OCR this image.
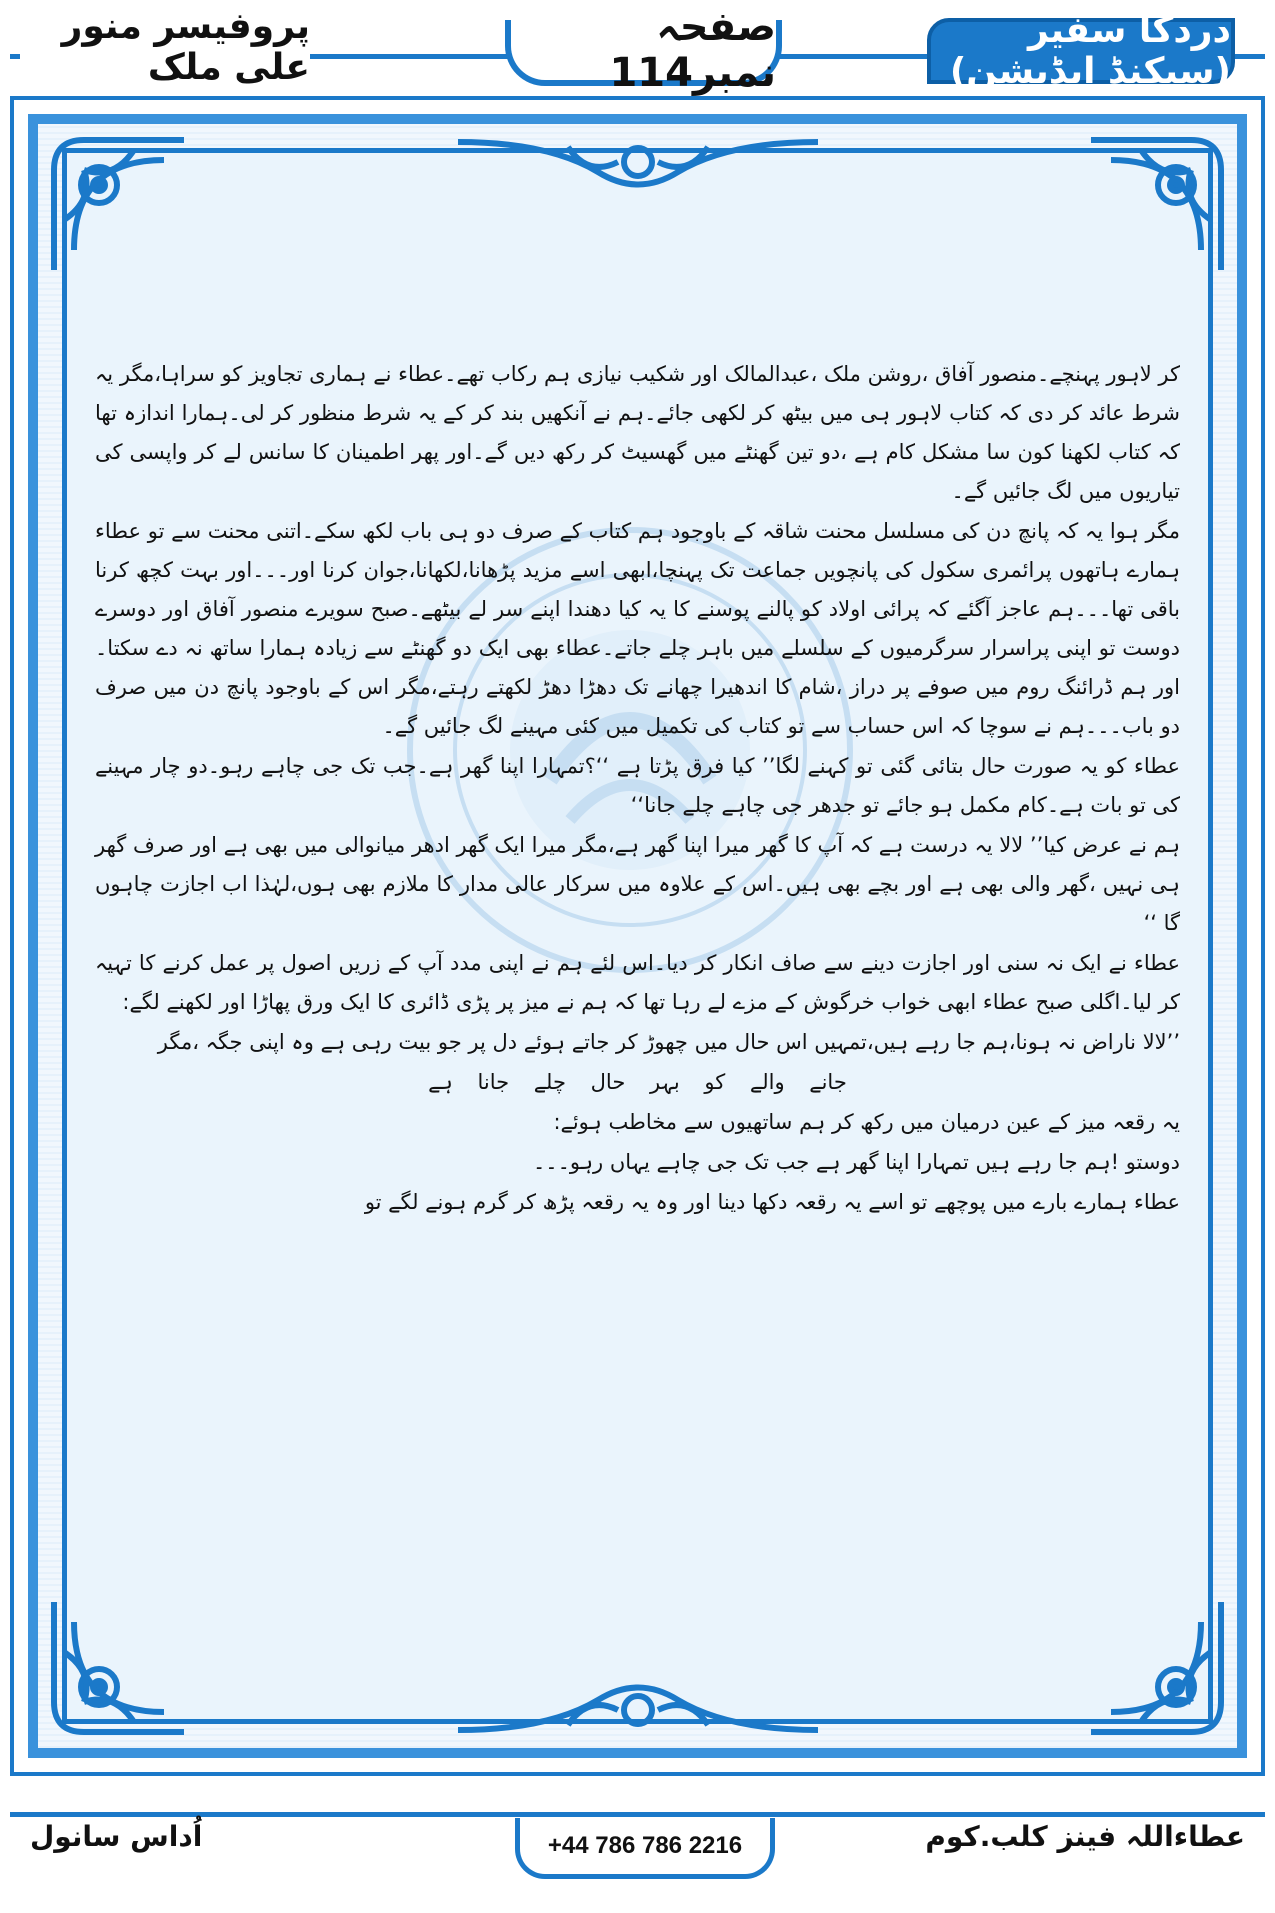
دردکا سفیر (سیکنڈ ایڈیشن)
صفحہ نمبر114
پروفیسر منور علی ملک

کر لاہور پہنچے۔منصور آفاق ،روشن ملک ،عبدالمالک اور شکیب نیازی ہم رکاب تھے۔عطاء نے ہماری تجاویز کو سراہا،مگر یہ شرط عائد کر دی کہ کتاب لاہور ہی میں بیٹھ کر لکھی جائے۔ہم نے آنکھیں بند کر کے یہ شرط منظور کر لی۔ہمارا اندازہ تھا کہ کتاب لکھنا کون سا مشکل کام ہے ،دو تین گھنٹے میں گھسیٹ کر رکھ دیں گے۔اور پھر اطمینان کا سانس لے کر واپسی کی تیاریوں میں لگ جائیں گے۔

مگر ہوا یہ کہ پانچ دن کی مسلسل محنت شاقہ کے باوجود ہم کتاب کے صرف دو ہی باب لکھ سکے۔اتنی محنت سے تو عطاء ہمارے ہاتھوں پرائمری سکول کی پانچویں جماعت تک پہنچا،ابھی اسے مزید پڑھانا،لکھانا،جوان کرنا اور۔۔۔اور بہت کچھ کرنا باقی تھا۔۔۔ہم عاجز آگئے کہ پرائی اولاد کو پالنے پوسنے کا یہ کیا دھندا اپنے سر لے بیٹھے۔صبح سویرے منصور آفاق اور دوسرے دوست تو اپنی پراسرار سرگرمیوں کے سلسلے میں باہر چلے جاتے۔عطاء بھی ایک دو گھنٹے سے زیادہ ہمارا ساتھ نہ دے سکتا۔اور ہم ڈرائنگ روم میں صوفے پر دراز ،شام کا اندھیرا چھانے تک دھڑا دھڑ لکھتے رہتے،مگر اس کے باوجود پانچ دن میں صرف دو باب۔۔۔ہم نے سوچا کہ اس حساب سے تو کتاب کی تکمیل میں کئی مہینے لگ جائیں گے۔

عطاء کو یہ صورت حال بتائی گئی تو کہنے لگا’’ کیا فرق پڑتا ہے ‘‘؟تمہارا اپنا گھر ہے۔جب تک جی چاہے رہو۔دو چار مہینے کی تو بات ہے۔کام مکمل ہو جائے تو جدھر جی چاہے چلے جانا‘‘

ہم نے عرض کیا’’ لالا یہ درست ہے کہ آپ کا گھر میرا اپنا گھر ہے،مگر میرا ایک گھر ادھر میانوالی میں بھی ہے اور صرف گھر ہی نہیں ،گھر والی بھی ہے اور بچے بھی ہیں۔اس کے علاوہ میں سرکار عالی مدار کا ملازم بھی ہوں،لہٰذا اب اجازت چاہوں گا ‘‘

عطاء نے ایک نہ سنی اور اجازت دینے سے صاف انکار کر دیا۔اس لئے ہم نے اپنی مدد آپ کے زریں اصول پر عمل کرنے کا تہیہ کر لیا۔اگلی صبح عطاء ابھی خواب خرگوش کے مزے لے رہا تھا کہ ہم نے میز پر پڑی ڈائری کا ایک ورق پھاڑا اور لکھنے لگے:

’’لالا ناراض نہ ہونا،ہم جا رہے ہیں،تمہیں اس حال میں چھوڑ کر جاتے ہوئے دل پر جو بیت رہی ہے وہ اپنی جگہ ،مگر

جانے والے کو بہر حال چلے جانا ہے

یہ رقعہ میز کے عین درمیان میں رکھ کر ہم ساتھیوں سے مخاطب ہوئے:

دوستو !ہم جا رہے ہیں تمہارا اپنا گھر ہے جب تک جی چاہے یہاں رہو۔۔۔

عطاء ہمارے بارے میں پوچھے تو اسے یہ رقعہ دکھا دینا اور وہ یہ رقعہ پڑھ کر گرم ہونے لگے تو

عطاءاللہ فینز کلب.کوم
+44 786 786 2216
اُداس سانول
